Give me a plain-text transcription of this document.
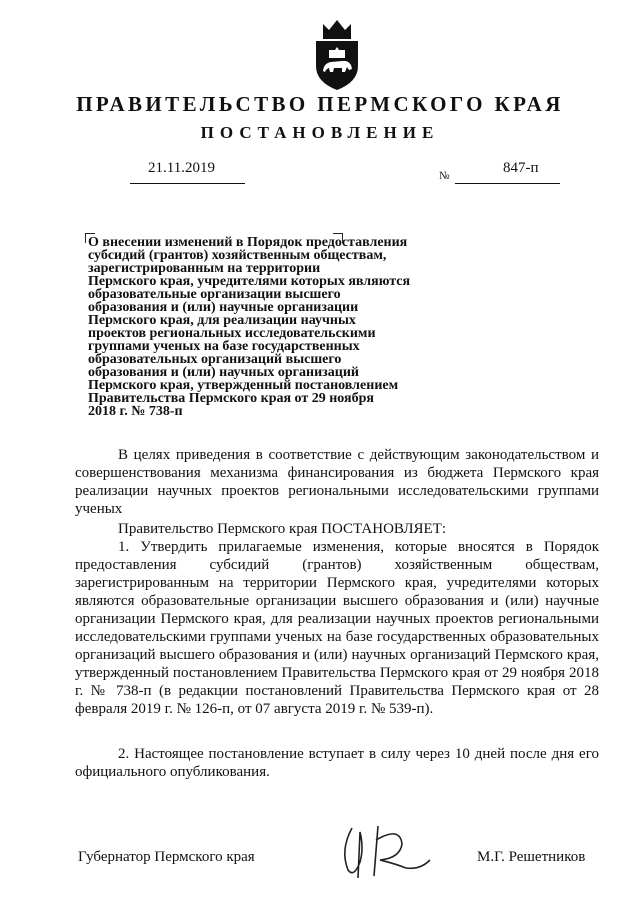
ПРАВИТЕЛЬСТВО ПЕРМСКОГО КРАЯ
ПОСТАНОВЛЕНИЕ
21.11.2019	№	847-п
О внесении изменений в Порядок предоставления
субсидий (грантов) хозяйственным обществам,
зарегистрированным на территории
Пермского края, учредителями которых являются
образовательные организации высшего
образования и (или) научные организации
Пермского края, для реализации научных
проектов региональных исследовательскими
группами ученых на базе государственных
образовательных организаций высшего
образования и (или) научных организаций
Пермского края, утвержденный постановлением
Правительства Пермского края от 29 ноября
2018 г. № 738-п
В целях приведения в соответствие с действующим законодательством и совершенствования механизма финансирования из бюджета Пермского края реализации научных проектов региональными исследовательскими группами ученых
Правительство Пермского края ПОСТАНОВЛЯЕТ:
1. Утвердить прилагаемые изменения, которые вносятся в Порядок предоставления субсидий (грантов) хозяйственным обществам, зарегистрированным на территории Пермского края, учредителями которых являются образовательные организации высшего образования и (или) научные организации Пермского края, для реализации научных проектов региональными исследовательскими группами ученых на базе государственных образовательных организаций высшего образования и (или) научных организаций Пермского края, утвержденный постановлением Правительства Пермского края от 29 ноября 2018 г. № 738-п (в редакции постановлений Правительства Пермского края от 28 февраля 2019 г. № 126-п, от 07 августа 2019 г. № 539-п).
2. Настоящее постановление вступает в силу через 10 дней после дня его официального опубликования.
Губернатор Пермского края	М.Г. Решетников
